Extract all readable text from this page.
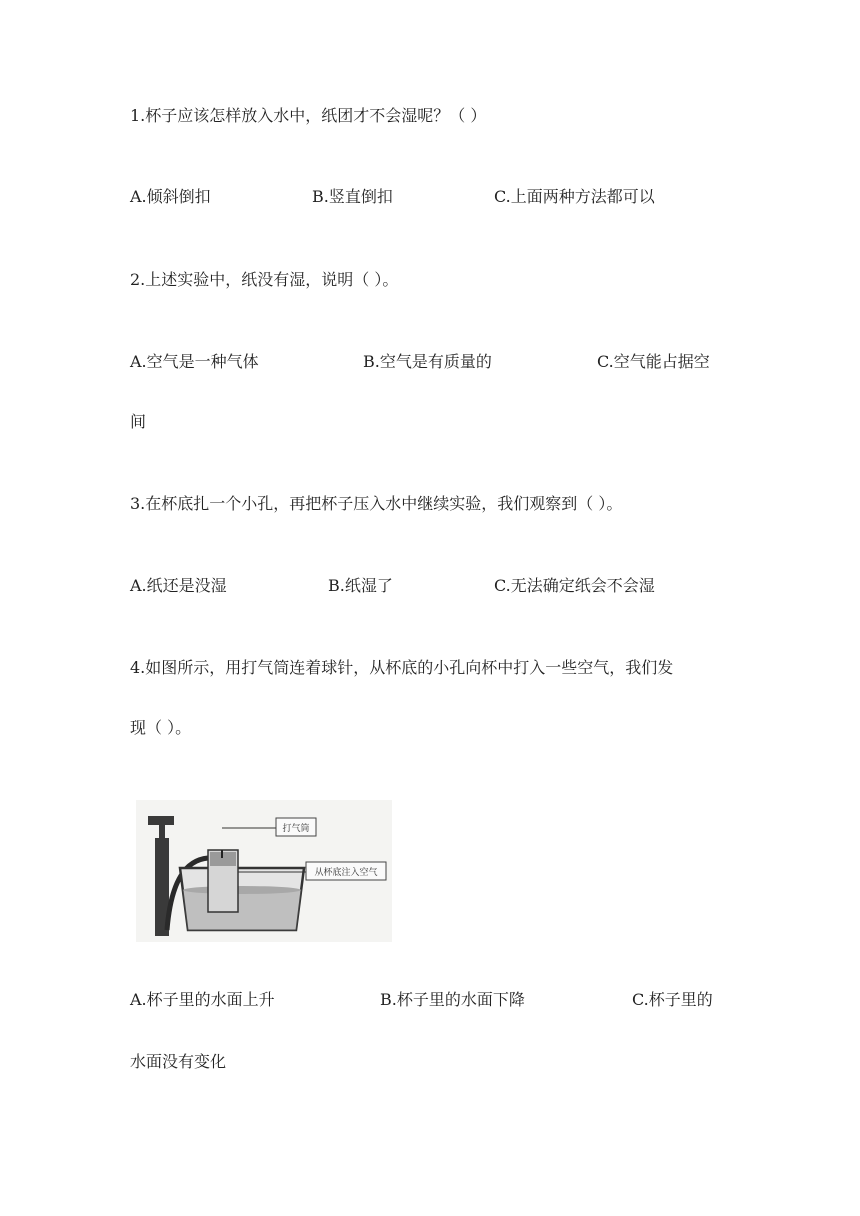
1.杯子应该怎样放入水中，纸团才不会湿呢？（ ）
A.倾斜倒扣	B.竖直倒扣	C.上面两种方法都可以
2.上述实验中，纸没有湿，说明（ ）。
A.空气是一种气体	B.空气是有质量的	C.空气能占据空
间
3.在杯底扎一个小孔，再把杯子压入水中继续实验，我们观察到（ ）。
A.纸还是没湿	B.纸湿了	C.无法确定纸会不会湿
4.如图所示，用打气筒连着球针，从杯底的小孔向杯中打入一些空气，我们发
现（ ）。
打气筒
从杯底注入空气
A.杯子里的水面上升	B.杯子里的水面下降	C.杯子里的
水面没有变化
